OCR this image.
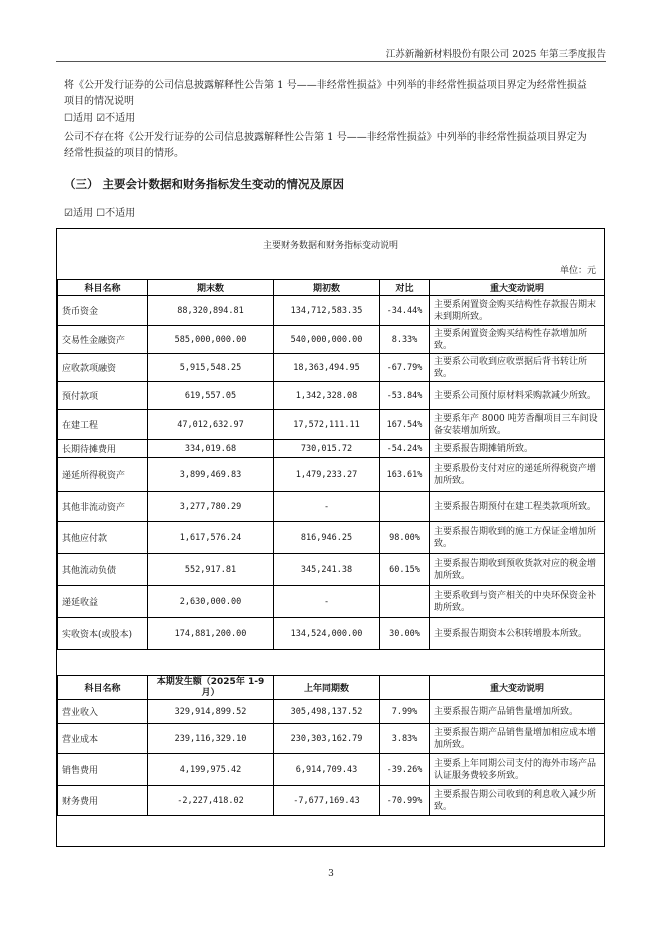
江苏新瀚新材料股份有限公司 2025 年第三季度报告
将《公开发行证券的公司信息披露解释性公告第 1 号——非经常性损益》中列举的非经常性损益项目界定为经常性损益
项目的情况说明
☐适用 ☑不适用
公司不存在将《公开发行证券的公司信息披露解释性公告第 1 号——非经常性损益》中列举的非经常性损益项目界定为
经常性损益的项目的情形。
（三） 主要会计数据和财务指标发生变动的情况及原因
☑适用 ☐不适用
主要财务数据和财务指标变动说明
单位：元
科目名称	期末数	期初数	对比	重大变动说明
货币资金	88,320,894.81	134,712,583.35	-34.44%	主要系闲置资金购买结构性存款报告期末未到期所致。
交易性金融资产	585,000,000.00	540,000,000.00	8.33%	主要系闲置资金购买结构性存款增加所致。
应收款项融资	5,915,548.25	18,363,494.95	-67.79%	主要系公司收到应收票据后背书转让所致。
预付款项	619,557.05	1,342,328.08	-53.84%	主要系公司预付原材料采购款减少所致。
在建工程	47,012,632.97	17,572,111.11	167.54%	主要系年产 8000 吨芳香酮项目三车间设备安装增加所致。
长期待摊费用	334,019.68	730,015.72	-54.24%	主要系报告期摊销所致。
递延所得税资产	3,899,469.83	1,479,233.27	163.61%	主要系股份支付对应的递延所得税资产增加所致。
其他非流动资产	3,277,780.29	-		主要系报告期预付在建工程类款项所致。
其他应付款	1,617,576.24	816,946.25	98.00%	主要系报告期收到的施工方保证金增加所致。
其他流动负债	552,917.81	345,241.38	60.15%	主要系报告期收到预收货款对应的税金增加所致。
递延收益	2,630,000.00	-		主要系收到与资产相关的中央环保资金补助所致。
实收资本(或股本)	174,881,200.00	134,524,000.00	30.00%	主要系报告期资本公积转增股本所致。
科目名称	本期发生额（2025年 1-9 月）	上年同期数		重大变动说明
营业收入	329,914,899.52	305,498,137.52	7.99%	主要系报告期产品销售量增加所致。
营业成本	239,116,329.10	230,303,162.79	3.83%	主要系报告期产品销售量增加相应成本增加所致。
销售费用	4,199,975.42	6,914,709.43	-39.26%	主要系上年同期公司支付的海外市场产品认证服务费较多所致。
财务费用	-2,227,418.02	-7,677,169.43	-70.99%	主要系报告期公司收到的利息收入减少所致。
3
